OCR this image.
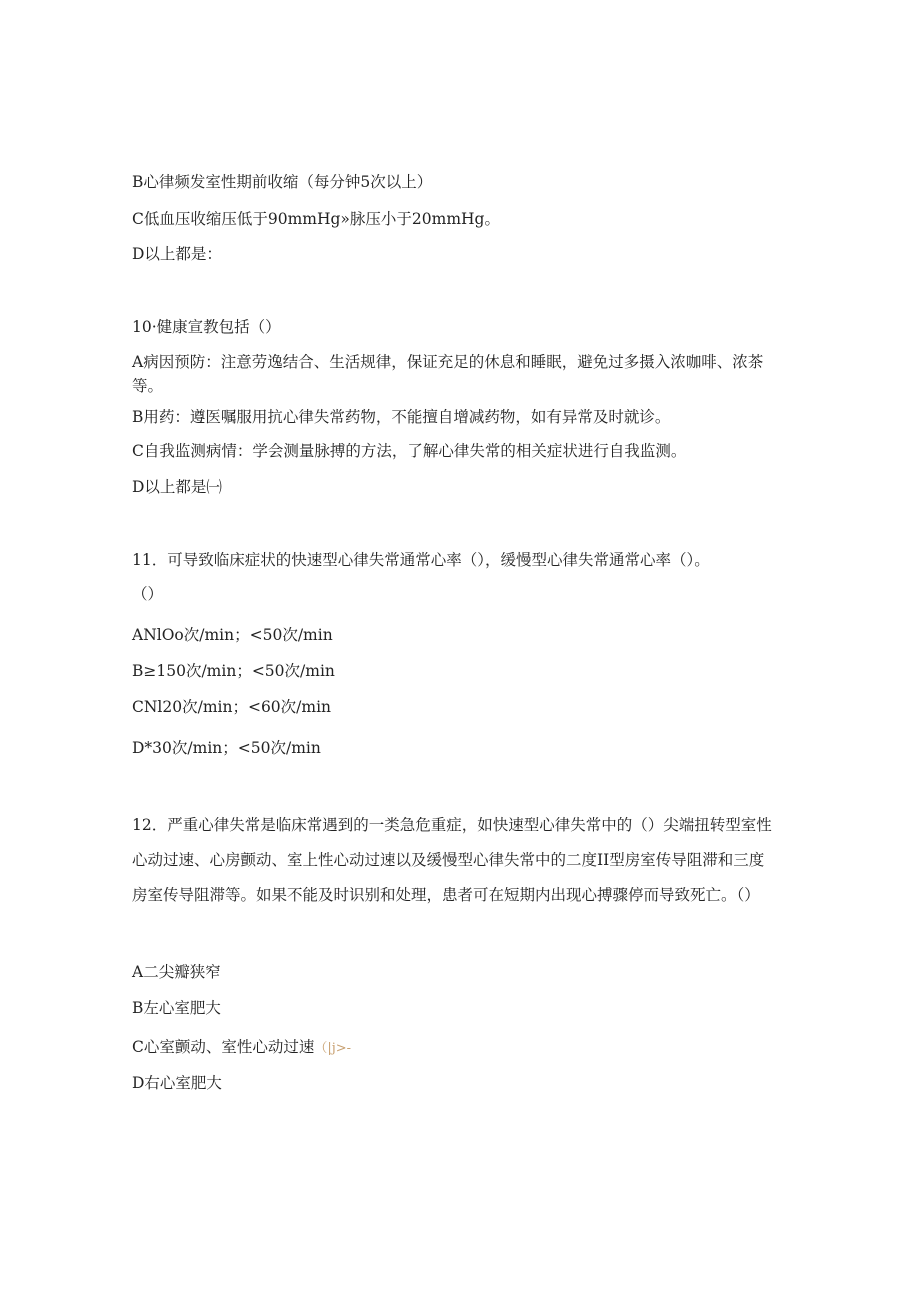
B心律频发室性期前收缩（每分钟5次以上）
C低血压收缩压低于90mmHg»脉压小于20mmHg。
D以上都是：
10·健康宣教包括（）
A病因预防：注意劳逸结合、生活规律，保证充足的休息和睡眠，避免过多摄入浓咖啡、浓茶等。
B用药：遵医嘱服用抗心律失常药物，不能擅自增减药物，如有异常及时就诊。
C自我监测病情：学会测量脉搏的方法，了解心律失常的相关症状进行自我监测。
D以上都是㈠
11．可导致临床症状的快速型心律失常通常心率（），缓慢型心律失常通常心率（）。
（）
ANlOo次/min；<50次/min
B≥150次/min；<50次/min
CNl20次/min；<60次/min
D*30次/min；<50次/min
12．严重心律失常是临床常遇到的一类急危重症，如快速型心律失常中的（）尖端扭转型室性心动过速、心房颤动、室上性心动过速以及缓慢型心律失常中的二度II型房室传导阻滞和三度房室传导阻滞等。如果不能及时识别和处理，患者可在短期内出现心搏骤停而导致死亡。（）
A二尖瓣狭窄
B左心室肥大
C心室颤动、室性心动过速（|j>-
D右心室肥大
